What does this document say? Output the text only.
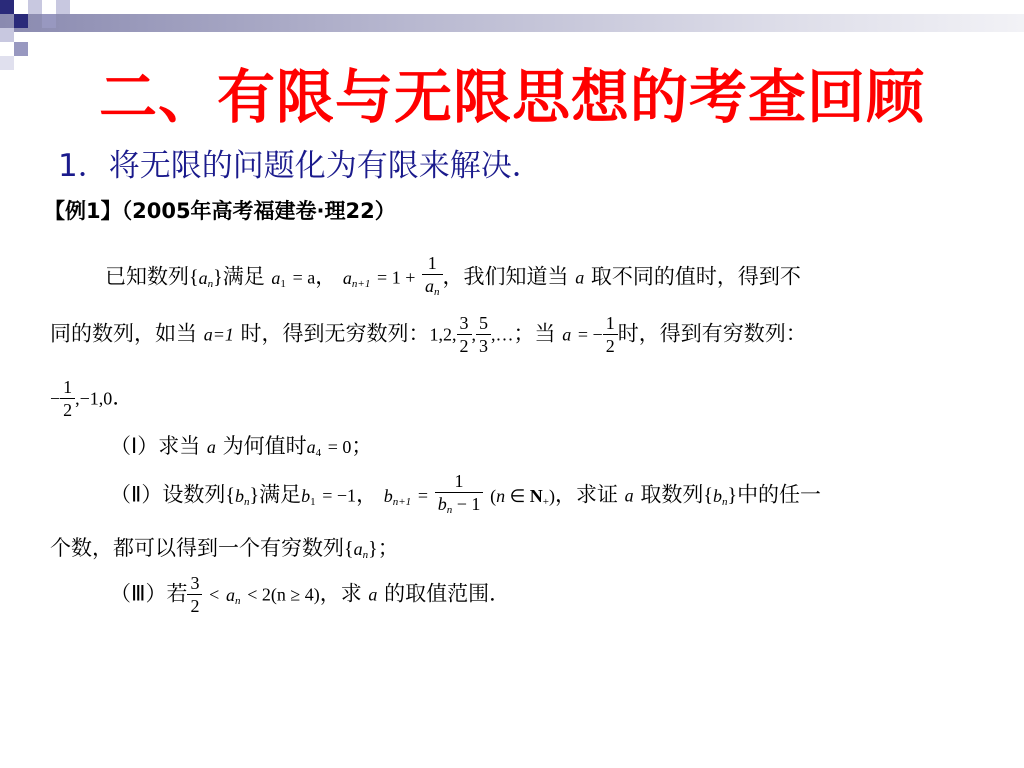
二、有限与无限思想的考查回顾
1．将无限的问题化为有限来解决．
【例1】（2005年高考福建卷·理22）
已知数列$\{a_n\}$满足 a1 = a， $a_{n+1} = 1 + \frac{1}{a_n}$ ，我们知道当 a 取不同的值时，得到不
同的数列，如当 a=1 时，得到无穷数列：1,2, $\frac{3}{2}$ , $\frac{5}{3}$ ,…；当 a = − $\frac{1}{2}$ 时，得到有穷数列：
− $\frac{1}{2} ,-1,0$．
（Ⅰ）求当 a 为何值时a4 = 0；
（Ⅱ）设数列$\{b_n\}$满足b1 = −1， $b_{n+1} = \frac{1}{b_n - 1} (n$ ∈ N+)，求证 a 取数列$\{b_n\}$中的任一
个数，都可以得到一个有穷数列$\{a_n\}$；
（Ⅲ）若 $\frac{3}{2} < a_n < 2(n \ge 4)$，求 a 的取值范围．
